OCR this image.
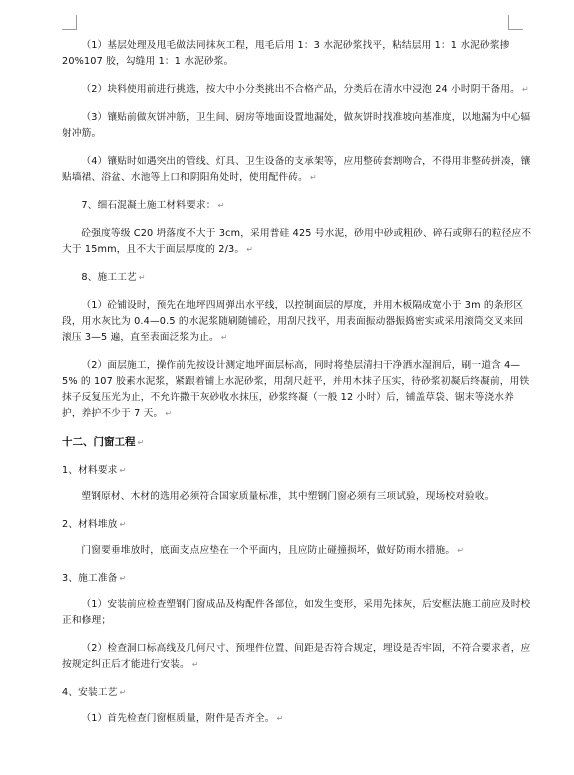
（1）基层处理及甩毛做法同抹灰工程，甩毛后用 1：3 水泥砂浆找平，粘结层用 1：1 水泥砂浆掺 20%107 胶，勾缝用 1：1 水泥砂浆。

（2）块料使用前进行挑选，按大中小分类挑出不合格产品，分类后在清水中浸泡 24 小时阴干备用。 ↵

（3）镶贴前做灰饼冲筋，卫生间、厨房等地面设置地漏处，做灰饼时找准坡向基准度，以地漏为中心辐射冲筋。

（4）镶贴时如遇突出的管线、灯具、卫生设备的支承架等，应用整砖套割吻合，不得用非整砖拼凑，镶贴墙裙、浴盆、水池等上口和阴阳角处时，使用配件砖。 ↵

7、细石混凝土施工材料要求： ↵

砼强度等级 C20 坍落度不大于 3cm，采用普硅 425 号水泥，砂用中砂或粗砂、碎石或卵石的粒径应不大于 15mm，且不大于面层厚度的 2/3。 ↵

8、施工工艺 ↵

（1）砼铺设时，预先在地坪四周弹出水平线，以控制面层的厚度，并用木板隔成宽小于 3m 的条形区段，用水灰比为 0.4—0.5 的水泥浆随刷随铺砼，用刮尺找平，用表面振动器振捣密实或采用滚筒交叉来回滚压 3—5 遍，直至表面泛浆为止。 ↵

（2）面层施工，操作前先按设计测定地坪面层标高，同时将垫层清扫干净洒水湿润后，刷一道含 4—5% 的 107 胶素水泥浆，紧跟着铺上水泥砂浆，用刮尺赶平，并用木抹子压实，待砂浆初凝后终凝前，用铁抹子反复压光为止，不允许撒干灰砂收水抹压，砂浆终凝（一般 12 小时）后，铺盖草袋、锯末等浇水养护，养护不少于 7 天。 ↵

十二、门窗工程 ↵

1、材料要求 ↵

塑钢原材、木材的选用必须符合国家质量标准，其中塑钢门窗必须有三项试验，现场校对验收。

2、材料堆放 ↵

门窗要垂堆放时，底面支点应垫在一个平面内，且应防止碰撞损坏，做好防雨水措施。 ↵

3、施工准备 ↵

（1）安装前应检查塑钢门窗成品及构配件各部位，如发生变形，采用先抹灰，后安框法施工前应及时校正和修理；

（2）检查洞口标高线及几何尺寸、预埋件位置、间距是否符合规定，埋设是否牢固，不符合要求者，应按规定纠正后才能进行安装。 ↵

4、安装工艺 ↵

（1）首先检查门窗框质量，附件是否齐全。 ↵
